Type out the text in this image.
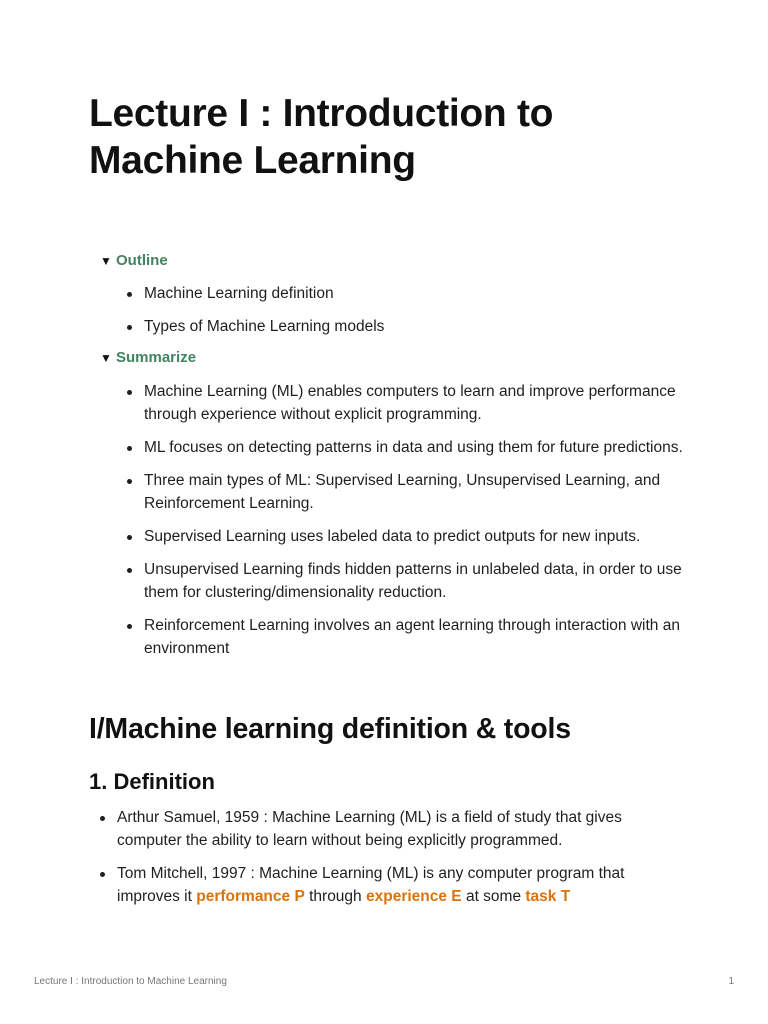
Lecture I : Introduction to Machine Learning
▼ Outline
Machine Learning definition
Types of Machine Learning models
▼ Summarize
Machine Learning (ML) enables computers to learn and improve performance through experience without explicit programming.
ML focuses on detecting patterns in data and using them for future predictions.
Three main types of ML: Supervised Learning, Unsupervised Learning, and Reinforcement Learning.
Supervised Learning uses labeled data to predict outputs for new inputs.
Unsupervised Learning finds hidden patterns in unlabeled data, in order to use them for clustering/dimensionality reduction.
Reinforcement Learning involves an agent learning through interaction with an environment
I/Machine learning definition & tools
1. Definition
Arthur Samuel, 1959 : Machine Learning (ML) is a field of study that gives computer the ability to learn without being explicitly programmed.
Tom Mitchell, 1997 : Machine Learning (ML) is any computer program that improves it performance P through experience E at some task T
Lecture I : Introduction to Machine Learning	1
